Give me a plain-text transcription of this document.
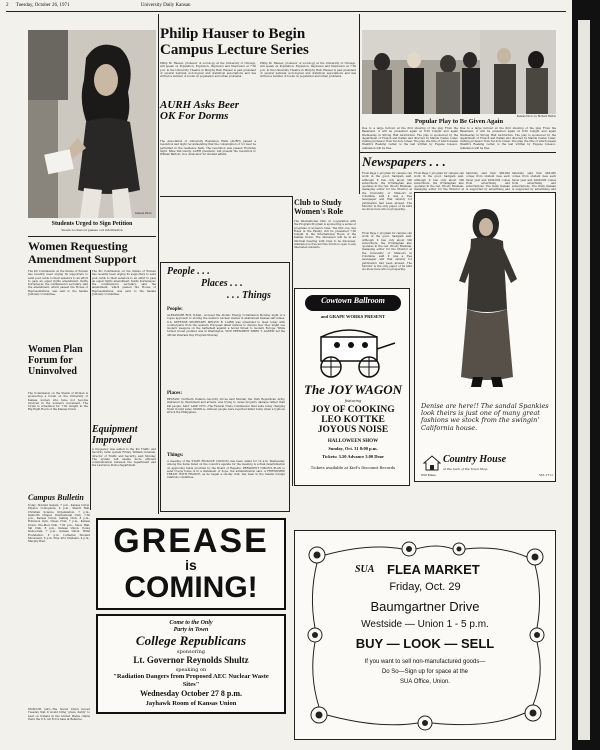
2 Tuesday, October 26, 1971	University Daily Kansan
Kansan Photo
Students Urged to Sign Petition
Susan Lockwood passes out information
Philip Hauser to Begin Campus Lecture Series
Philip M. Hauser, professor of sociology at the University of Chicago, will speak on Population, Explosion, Implosion and Displosion at 7:30 p.m. in the University Theatre in Murphy Hall. Hauser is past president of several national sociological and statistical associations and has written a number of books on population and urban problems.
Philip M. Hauser, professor of sociology at the University of Chicago, will speak on Population, Explosion, Implosion and Displosion at 7:30 p.m. in the University Theatre in Murphy Hall. Hauser is past president of several national sociological and statistical associations and has written a number of books on population and urban problems.
AURH Asks Beer OK For Dorms
The Association of University Residence Halls (AURH) passed a resolution last night recommending that the consumption of 3.2 beer be permitted in the residence halls. The resolution was passed Thursday night. Mike Van Gundy, AURH president, will present the resolution to William Balfour, vice chancellor for student affairs.
Kansan Photo by Richard Buffon
Popular Play to Be Given Again
Due to a large turnout at the first showing of the play From the Basement, it will be presented again at 8:30 tonight and again Wednesday in Strong Hall Auditorium. The play is sponsored by the department of French and Italian and directed by Maude Castel. Later, visiting professor from Tel Aviv, Israel. The play, the title of which means Wealth's Reeking Letter, is the last written by Eugene Ionesco. Admission will be free.
Due to a large turnout at the first showing of the play From the Basement, it will be presented again at 8:30 tonight and again Wednesday in Strong Hall Auditorium. The play is sponsored by the department of French and Italian and directed by Maude Castel. Later, visiting professor from Tel Aviv, Israel. The play, the title of which means Wealth's Reeking Letter, is the last written by Eugene Ionesco. Admission will be free.
Newspapers . . .
From Page 1 program for campus can work in the good, Sadigam said. Although it has only about 300 subscribers, the O'Callaghan also operates in the red. Woody Brennan, managing editor for the Monitor at the University of Missouri in Columbia, said it was a free newspaper and that subsidy for publication had been abused. The Monitor is the only paper of its kind we know here who is prospering.
From Page 1 program for campus can work in the good, Sadigam said. Although it has only about 300 subscribers, the O'Callaghan also operates in the red. Woody Brennan, managing editor for the Monitor at
Saturday said that $80,000 comes from student fees each fiscal year and $200,000 comes from advertising and subscriptions. The Daily Kansan is supported by advertising and
Saturday said that $80,000 comes from student fees each fiscal year and $200,000 comes from advertising and subscriptions. The Daily Kansan is supported by advertising and
From Page 1 program for campus can work in the good, Sadigam said. Although it has only about 300 subscribers, the O'Callaghan also operates in the red. Woody Brennan, managing editor for the Monitor at the University of Missouri in Columbia, said it was a free newspaper and that subsidy for publication had been abused. The Monitor is the only paper of its kind we know here who is prospering.
Denise are here!! The sandal Spankies look theirs is just one of many great fashions we stock from the swingin' California house.
Country House
at the back of the Town Shop
839 Mass.	VI3-1711
Women Requesting Amendment Support
The KU Commission on the Status of Women has recently been urging its supporters to send post cards to their senators to an effort to pass an equal rights amendment. Kathy Kortemeyer, the commission's secretary, said the amendment, which passed the House of Representatives, was sent to the Senate Judiciary Committee.
The KU Commission on the Status of Women has recently been urging its supporters to send post cards to their senators to an effort to pass an equal rights amendment. Kathy Kortemeyer, the commission's secretary, said the amendment, which passed the House of Representatives, was sent to the Senate Judiciary Committee.
Women Plan Forum for Uninvolved
The Commission on the Status of Women is sponsoring a forum on the University of Kansas women who have not become involved in the women's movement. The forum is scheduled for 7:30 tonight in the Big Eight Room of the Kansas Union.
Equipment Improved
A frequency was added to the KU Traffic and Security radio system Friday, William Coleman, director of Traffic and Security, said Monday. The system will enable more efficient communication between the department and the Lawrence Police Department.
Campus Bulletin
Today: Student Senate, 7 p.m., Kansas Union. Physics Colloquium, 4 p.m., Malott Hall. Christian Science Organization, 7 p.m., Danforth Chapel. International Club, 7:30 p.m., Kansas Union. Sailing Club, 8 p.m., Robinson Gym. Chess Club, 7 p.m., Kansas Union. Pre-Med Club, 7:30 p.m., Snow Hall. Ski Club, 8 p.m., Kansas Union. Young Democrats, 7 p.m., Kansas Union. Hillel Foundation, 8 p.m. Lutheran Student Movement, 6 p.m. Fine Arts Students, 4 p.m., Murphy Hall.
Club to Study Women's Role
The International Club, in cooperation with the Program Program is sponsoring a series of programs of women's roles. The first one, Sex Roles in the Family, will be presented 7:30 tonight in the International Room of the Kansas Union. The discussion will be in an informal meeting with roles to be discussed. Admission is free and the forum is open to any interested students.
People . . .
Places . . .
. . . Things
People:
ALEXANDER ROY, D-Kan., accused the Atomic Energy Commission Monday night of a rogue approach to storing the nation's nuclear wastes in abandoned Kansas salt mines. U.S. DEFENSE SECRETARY MELVIN R. LAIRD was scheduled to meet today with counterparts from the western European allied nations to discuss how they might use modern weapons on the battlefield against a Soviet threat to modern Europe. While former Soviet premier was in Washington, VICE PRESIDENT SPIRO T. AGNEW led the official Veterans Day Program Monday.
Places:
BELFAST, Northern Ireland—Security forces said Monday the Irish Republican Army, shattered by internment and arrests, was trying to cause property damage rather than kill people. SALT LAKE CITY—The Federal Trade Commission filed suits today charging fraud in land sales. MANILA—Sixteen people were reported killed today when a typhoon struck the Philippines.
Things:
A meeting of the STATE FINANCE COUNCIL has been called for 10 a.m. Wednesday. Among the items listed on the council's agenda for the meeting is a final determination on approving funds provided by the Board of Regents. PRESIDENT NIXON'S PLAN to send troops home is in a statement of hope, the administration said. A FRIENDSHIP TREATY WITH FRANCE, as he began a six-day visit, has been in the Senate foreign relations committee.
Cowtown Ballroom
and GRAPE WORKS PRESENT
The JOY WAGON
featuring
JOY OF COOKING LEO KOTTKE JOYOUS NOISE
HALLOWEEN SHOW
Sunday, Oct. 31 8:00 p.m.
Tickets: 3.50 Advance 3.00 Door
Tickets available at Kief's Discount Records
GREASE
is
COMING!
Come to the Only
Party in Town
College Republicans
sponsoring
Lt. Governor Reynolds Shultz
speaking on
"Radiation Dangers from Proposed AEC Nuclear Waste Sites"
Wednesday October 27 8 p.m.
Jayhawk Room of Kansas Union
MOSCOW (AP)—The Soviet Union moved Tuesday that it would bring 'grave clarity' to bear on Ireland in the United States claims there the U.S. Air Force base at Bellevue.
SUA FLEA MARKET
Friday, Oct. 29
Baumgartner Drive
Westside — Union 1 - 5 p.m.
BUY — LOOK — SELL
If you want to sell non-manufactured goods—
Do So—Sign up for space at the
SUA Office, Union.
